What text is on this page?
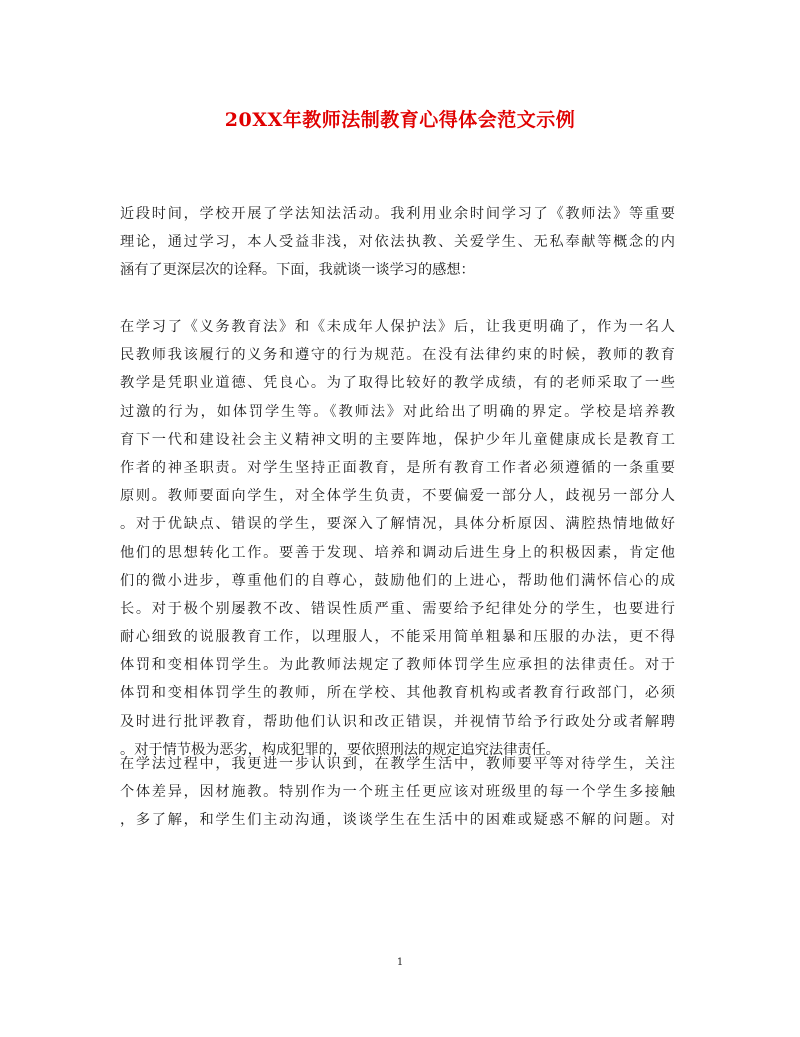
20XX年教师法制教育心得体会范文示例
近段时间，学校开展了学法知法活动。我利用业余时间学习了《教师法》等重要
理论，通过学习，本人受益非浅，对依法执教、关爱学生、无私奉献等概念的内
涵有了更深层次的诠释。下面，我就谈一谈学习的感想：
在学习了《义务教育法》和《未成年人保护法》后，让我更明确了，作为一名人
民教师我该履行的义务和遵守的行为规范。在没有法律约束的时候，教师的教育
教学是凭职业道德、凭良心。为了取得比较好的教学成绩，有的老师采取了一些
过激的行为，如体罚学生等。《教师法》对此给出了明确的界定。学校是培养教
育下一代和建设社会主义精神文明的主要阵地，保护少年儿童健康成长是教育工
作者的神圣职责。对学生坚持正面教育，是所有教育工作者必须遵循的一条重要
原则。教师要面向学生，对全体学生负责，不要偏爱一部分人，歧视另一部分人
。对于优缺点、错误的学生，要深入了解情况，具体分析原因、满腔热情地做好
他们的思想转化工作。要善于发现、培养和调动后进生身上的积极因素，肯定他
们的微小进步，尊重他们的自尊心，鼓励他们的上进心，帮助他们满怀信心的成
长。对于极个别屡教不改、错误性质严重、需要给予纪律处分的学生，也要进行
耐心细致的说服教育工作，以理服人，不能采用简单粗暴和压服的办法，更不得
体罚和变相体罚学生。为此教师法规定了教师体罚学生应承担的法律责任。对于
体罚和变相体罚学生的教师，所在学校、其他教育机构或者教育行政部门，必须
及时进行批评教育，帮助他们认识和改正错误，并视情节给予行政处分或者解聘
。对于情节极为恶劣，构成犯罪的，要依照刑法的规定追究法律责任。
在学法过程中，我更进一步认识到，在教学生活中，教师要平等对待学生，关注
个体差异，因材施教。特别作为一个班主任更应该对班级里的每一个学生多接触
，多了解，和学生们主动沟通，谈谈学生在生活中的困难或疑惑不解的问题。对
1
